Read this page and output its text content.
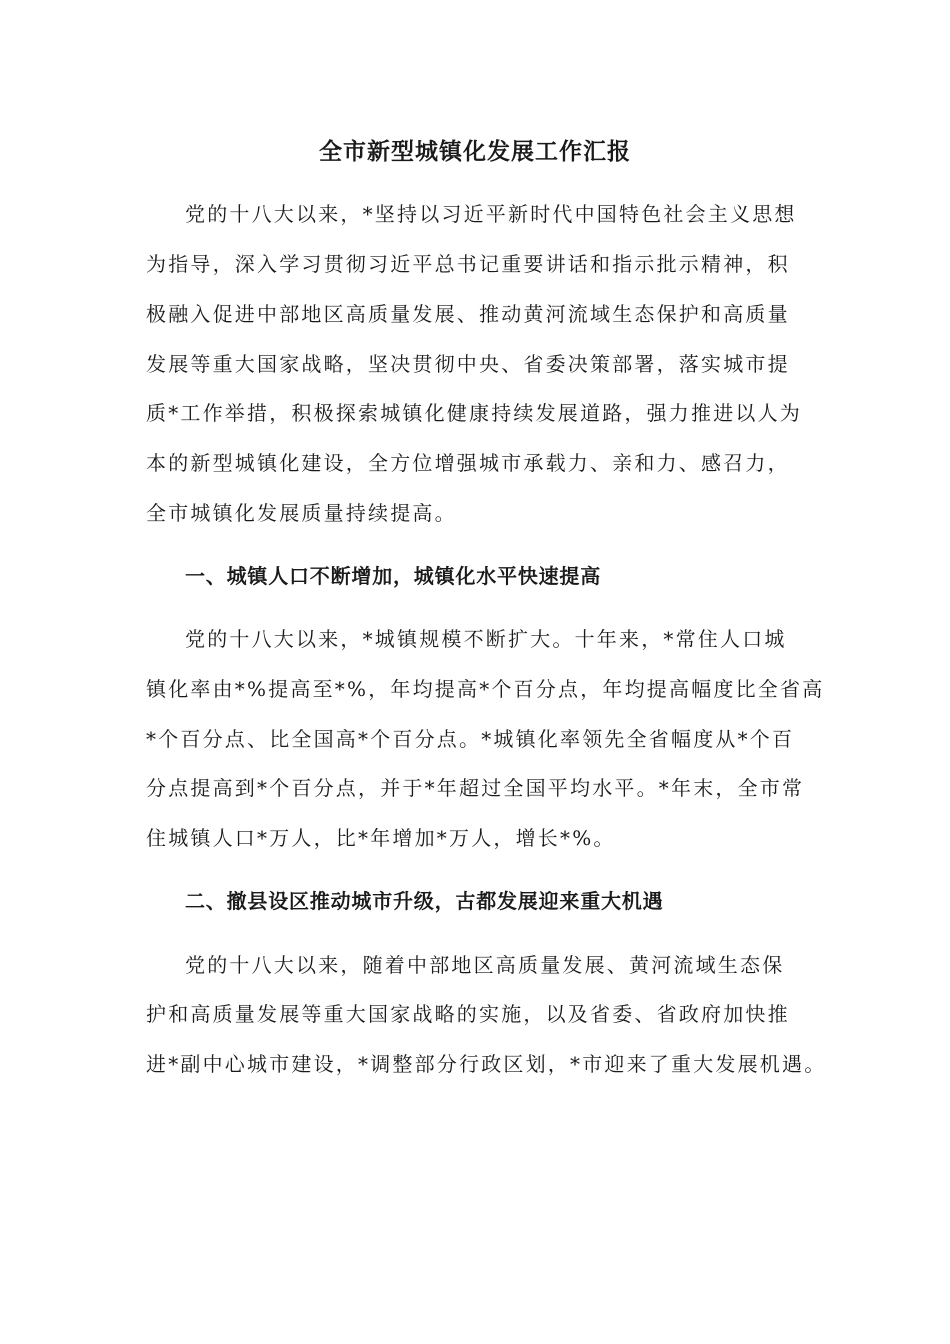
全市新型城镇化发展工作汇报

党的十八大以来，*坚持以习近平新时代中国特色社会主义思想

为指导，深入学习贯彻习近平总书记重要讲话和指示批示精神，积

极融入促进中部地区高质量发展、推动黄河流域生态保护和高质量

发展等重大国家战略，坚决贯彻中央、省委决策部署，落实城市提

质*工作举措，积极探索城镇化健康持续发展道路，强力推进以人为

本的新型城镇化建设，全方位增强城市承载力、亲和力、感召力，

全市城镇化发展质量持续提高。

一、城镇人口不断增加，城镇化水平快速提高

党的十八大以来，*城镇规模不断扩大。十年来，*常住人口城

镇化率由*%提高至*%，年均提高*个百分点，年均提高幅度比全省高

*个百分点、比全国高*个百分点。*城镇化率领先全省幅度从*个百

分点提高到*个百分点，并于*年超过全国平均水平。*年末，全市常

住城镇人口*万人，比*年增加*万人，增长*%。

二、撤县设区推动城市升级，古都发展迎来重大机遇

党的十八大以来，随着中部地区高质量发展、黄河流域生态保

护和高质量发展等重大国家战略的实施，以及省委、省政府加快推

进*副中心城市建设，*调整部分行政区划，*市迎来了重大发展机遇。
